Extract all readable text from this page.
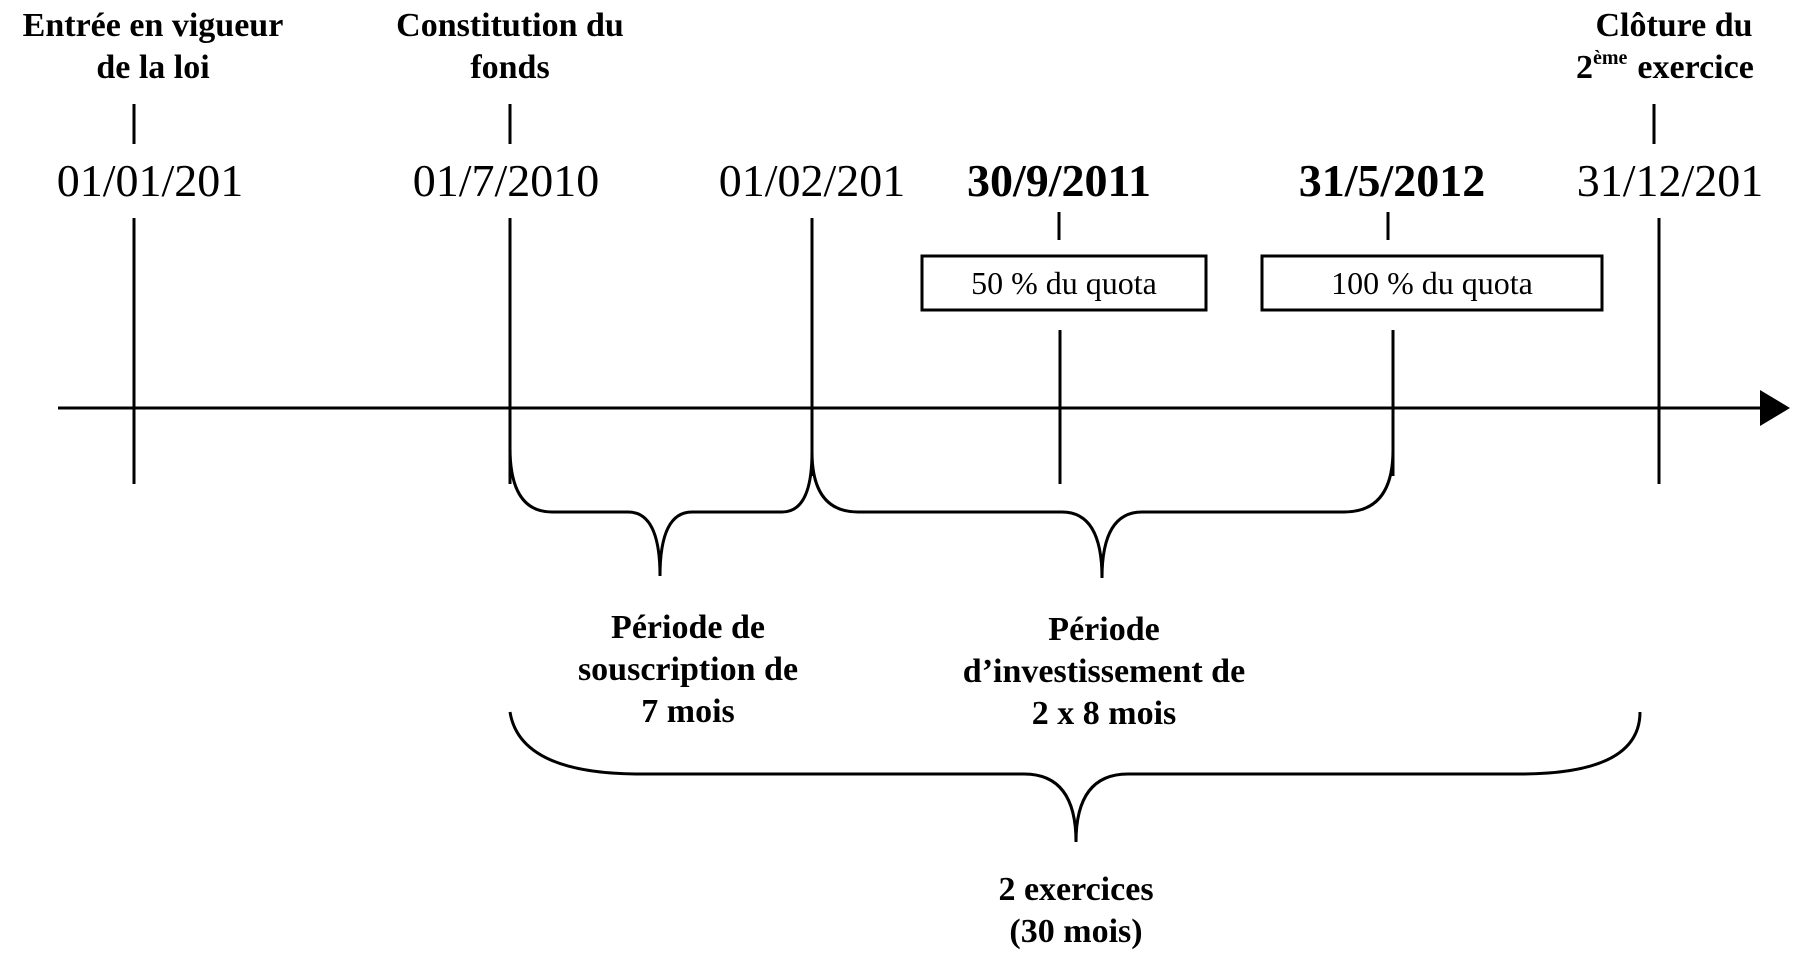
Entrée en vigueur
de la loi
Constitution du
fonds
Clôture du
2ème exercice
01/01/201	01/7/2010	01/02/201 30/9/2011	31/5/2012 31/12/201
50 % du quota	100 % du quota
Période de
souscription de
7 mois
Période
d’investissement de
2 x 8 mois
2 exercices
(30 mois)
